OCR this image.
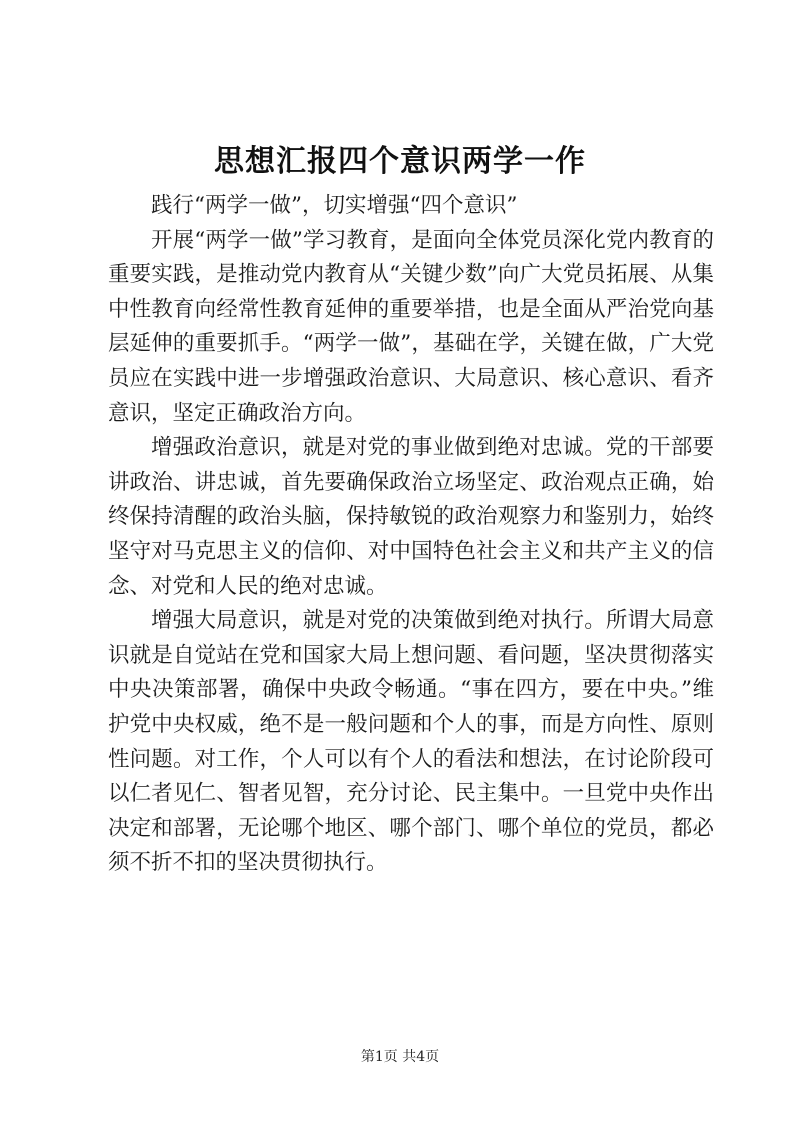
思想汇报四个意识两学一作

践行“两学一做”，切实增强“四个意识”

开展“两学一做”学习教育，是面向全体党员深化党内教育的重要实践，是推动党内教育从“关键少数”向广大党员拓展、从集中性教育向经常性教育延伸的重要举措，也是全面从严治党向基层延伸的重要抓手。“两学一做”，基础在学，关键在做，广大党员应在实践中进一步增强政治意识、大局意识、核心意识、看齐意识，坚定正确政治方向。

增强政治意识，就是对党的事业做到绝对忠诚。党的干部要讲政治、讲忠诚，首先要确保政治立场坚定、政治观点正确，始终保持清醒的政治头脑，保持敏锐的政治观察力和鉴别力，始终坚守对马克思主义的信仰、对中国特色社会主义和共产主义的信念、对党和人民的绝对忠诚。

增强大局意识，就是对党的决策做到绝对执行。所谓大局意识就是自觉站在党和国家大局上想问题、看问题，坚决贯彻落实中央决策部署，确保中央政令畅通。“事在四方，要在中央。”维护党中央权威，绝不是一般问题和个人的事，而是方向性、原则性问题。对工作，个人可以有个人的看法和想法，在讨论阶段可以仁者见仁、智者见智，充分讨论、民主集中。一旦党中央作出决定和部署，无论哪个地区、哪个部门、哪个单位的党员，都必须不折不扣的坚决贯彻执行。

第1页 共4页
